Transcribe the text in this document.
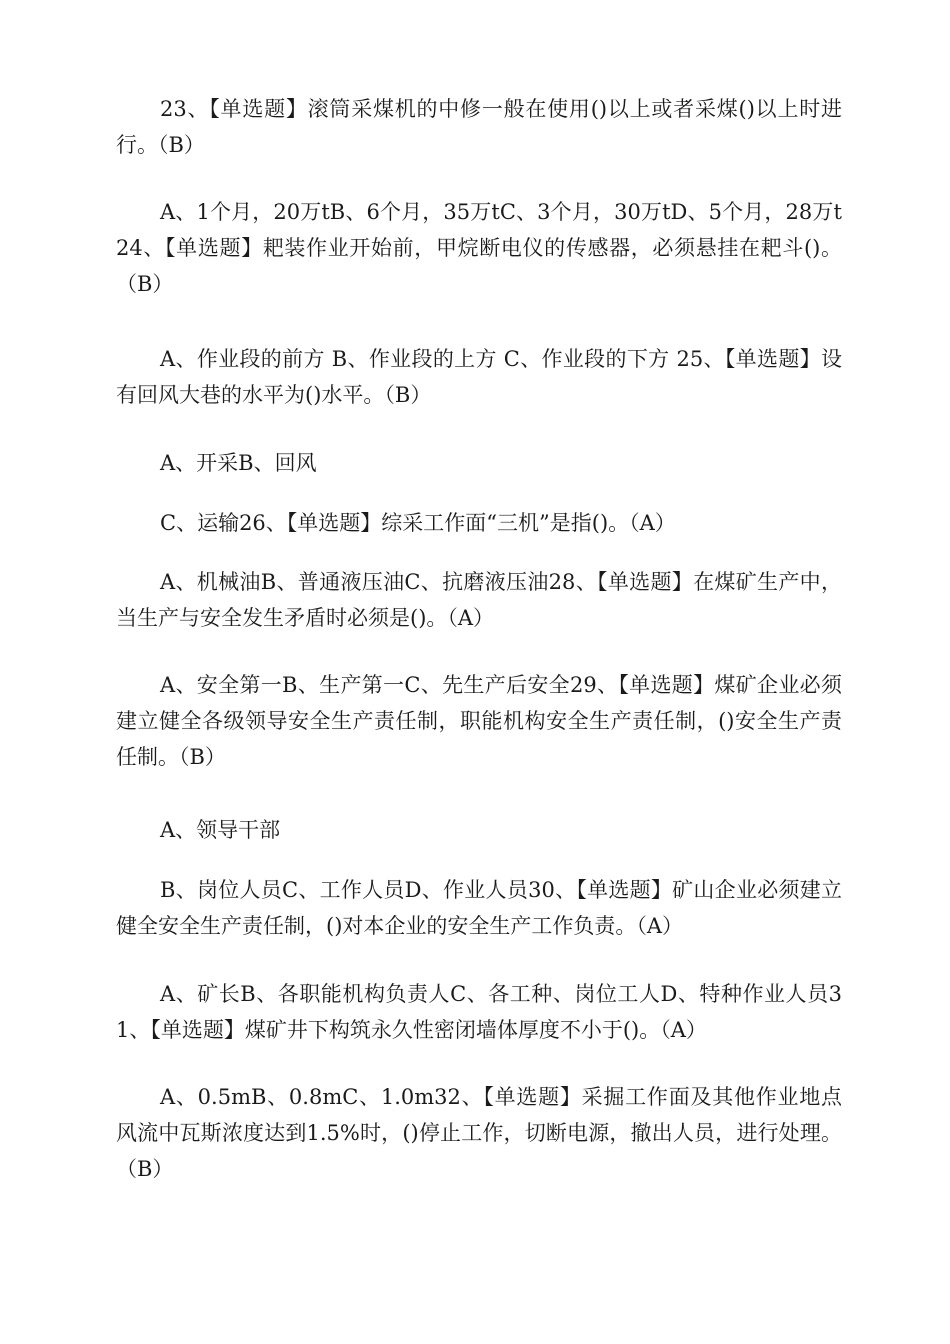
23、【单选题】滚筒采煤机的中修一般在使用()以上或者采煤()以上时进行。（B）

A、1个月，20万tB、6个月，35万tC、3个月，30万tD、5个月，28万t24、【单选题】耙装作业开始前，甲烷断电仪的传感器，必须悬挂在耙斗()。（B）

A、作业段的前方 B、作业段的上方 C、作业段的下方 25、【单选题】设有回风大巷的水平为()水平。（B）

A、开采B、回风

C、运输26、【单选题】综采工作面“三机”是指()。（A）

A、机械油B、普通液压油C、抗磨液压油28、【单选题】在煤矿生产中，当生产与安全发生矛盾时必须是()。（A）

A、安全第一B、生产第一C、先生产后安全29、【单选题】煤矿企业必须建立健全各级领导安全生产责任制，职能机构安全生产责任制，()安全生产责任制。（B）

A、领导干部

B、岗位人员C、工作人员D、作业人员30、【单选题】矿山企业必须建立健全安全生产责任制，()对本企业的安全生产工作负责。（A）

A、矿长B、各职能机构负责人C、各工种、岗位工人D、特种作业人员31、【单选题】煤矿井下构筑永久性密闭墙体厚度不小于()。（A）

A、0.5mB、0.8mC、1.0m32、【单选题】采掘工作面及其他作业地点风流中瓦斯浓度达到1.5%时，()停止工作，切断电源，撤出人员，进行处理。（B）
